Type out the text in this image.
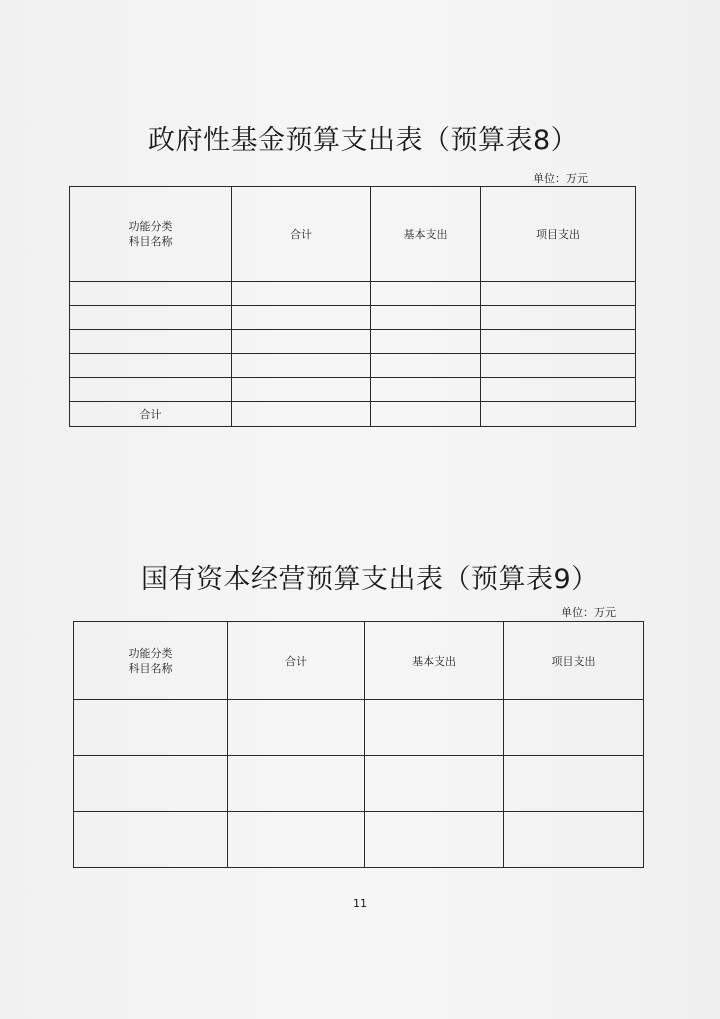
政府性基金预算支出表（预算表8）
单位：万元
功能分类
科目名称	合计	基本支出	项目支出

合计			
国有资本经营预算支出表（预算表9）
单位：万元
功能分类
科目名称	合计	基本支出	项目支出

11
